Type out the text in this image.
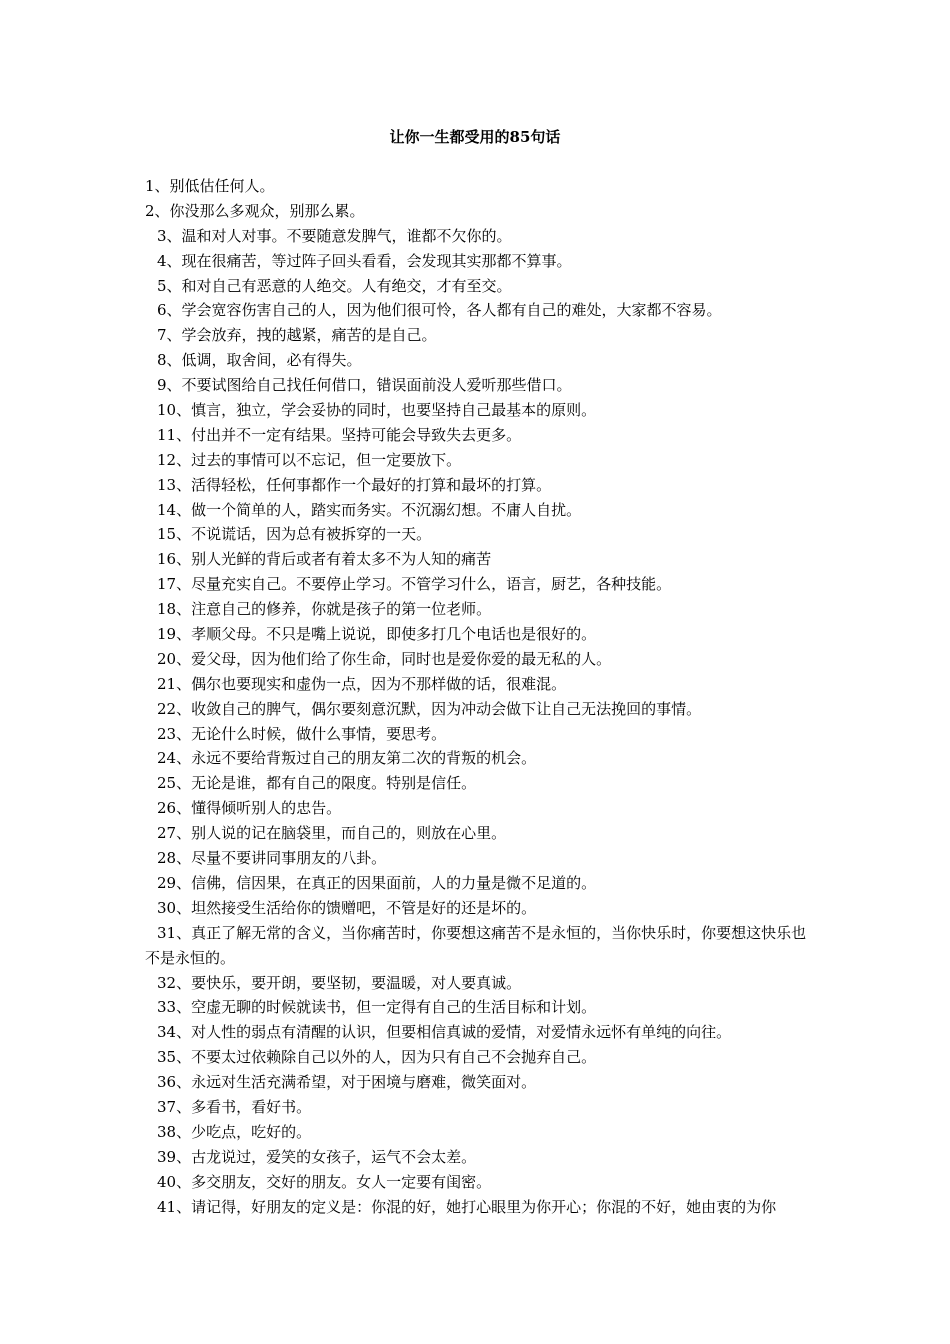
让你一生都受用的85句话
1、别低估任何人。
2、你没那么多观众，别那么累。
3、温和对人对事。不要随意发脾气，谁都不欠你的。
4、现在很痛苦，等过阵子回头看看，会发现其实那都不算事。
5、和对自己有恶意的人绝交。人有绝交，才有至交。
6、学会宽容伤害自己的人，因为他们很可怜，各人都有自己的难处，大家都不容易。
7、学会放弃，拽的越紧，痛苦的是自己。
8、低调，取舍间，必有得失。
9、不要试图给自己找任何借口，错误面前没人爱听那些借口。
10、慎言，独立，学会妥协的同时，也要坚持自己最基本的原则。
11、付出并不一定有结果。坚持可能会导致失去更多。
12、过去的事情可以不忘记，但一定要放下。
13、活得轻松，任何事都作一个最好的打算和最坏的打算。
14、做一个简单的人，踏实而务实。不沉溺幻想。不庸人自扰。
15、不说谎话，因为总有被拆穿的一天。
16、别人光鲜的背后或者有着太多不为人知的痛苦
17、尽量充实自己。不要停止学习。不管学习什么，语言，厨艺，各种技能。
18、注意自己的修养，你就是孩子的第一位老师。
19、孝顺父母。不只是嘴上说说，即使多打几个电话也是很好的。
20、爱父母，因为他们给了你生命，同时也是爱你爱的最无私的人。
21、偶尔也要现实和虚伪一点，因为不那样做的话，很难混。
22、收敛自己的脾气，偶尔要刻意沉默，因为冲动会做下让自己无法挽回的事情。
23、无论什么时候，做什么事情，要思考。
24、永远不要给背叛过自己的朋友第二次的背叛的机会。
25、无论是谁，都有自己的限度。特别是信任。
26、懂得倾听别人的忠告。
27、别人说的记在脑袋里，而自己的，则放在心里。
28、尽量不要讲同事朋友的八卦。
29、信佛，信因果，在真正的因果面前，人的力量是微不足道的。
30、坦然接受生活给你的馈赠吧，不管是好的还是坏的。
31、真正了解无常的含义，当你痛苦时，你要想这痛苦不是永恒的，当你快乐时，你要想这快乐也不是永恒的。
32、要快乐，要开朗，要坚韧，要温暖，对人要真诚。
33、空虚无聊的时候就读书，但一定得有自己的生活目标和计划。
34、对人性的弱点有清醒的认识，但要相信真诚的爱情，对爱情永远怀有单纯的向往。
35、不要太过依赖除自己以外的人，因为只有自己不会抛弃自己。
36、永远对生活充满希望，对于困境与磨难，微笑面对。
37、多看书，看好书。
38、少吃点，吃好的。
39、古龙说过，爱笑的女孩子，运气不会太差。
40、多交朋友，交好的朋友。女人一定要有闺密。
41、请记得，好朋友的定义是：你混的好，她打心眼里为你开心；你混的不好，她由衷的为你
